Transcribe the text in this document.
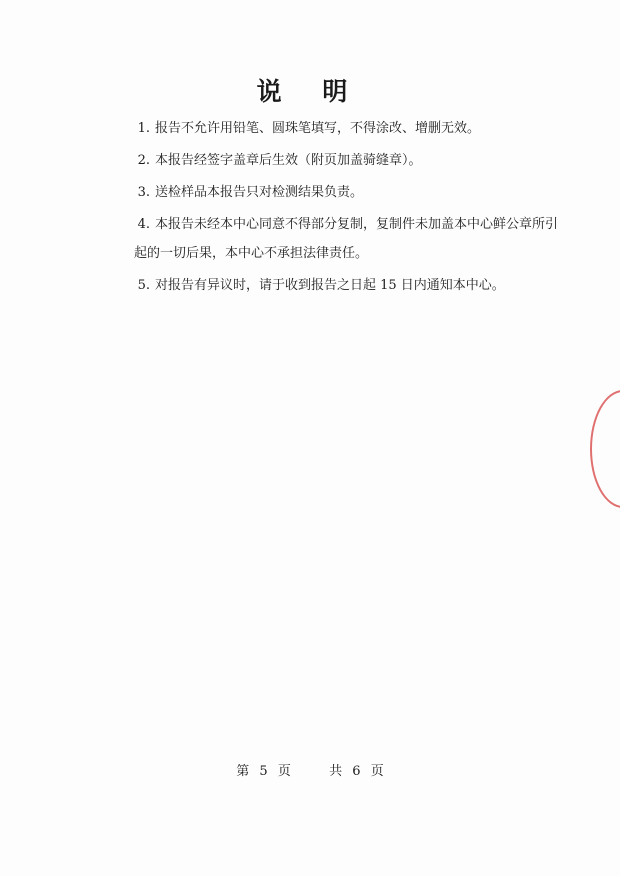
说 明

1. 报告不允许用铅笔、圆珠笔填写，不得涂改、增删无效。

2. 本报告经签字盖章后生效（附页加盖骑缝章）。

3. 送检样品本报告只对检测结果负责。

4. 本报告未经本中心同意不得部分复制，复制件未加盖本中心鲜公章所引
起的一切后果，本中心不承担法律责任。

5. 对报告有异议时，请于收到报告之日起 15 日内通知本中心。

第 5 页	共 6 页
